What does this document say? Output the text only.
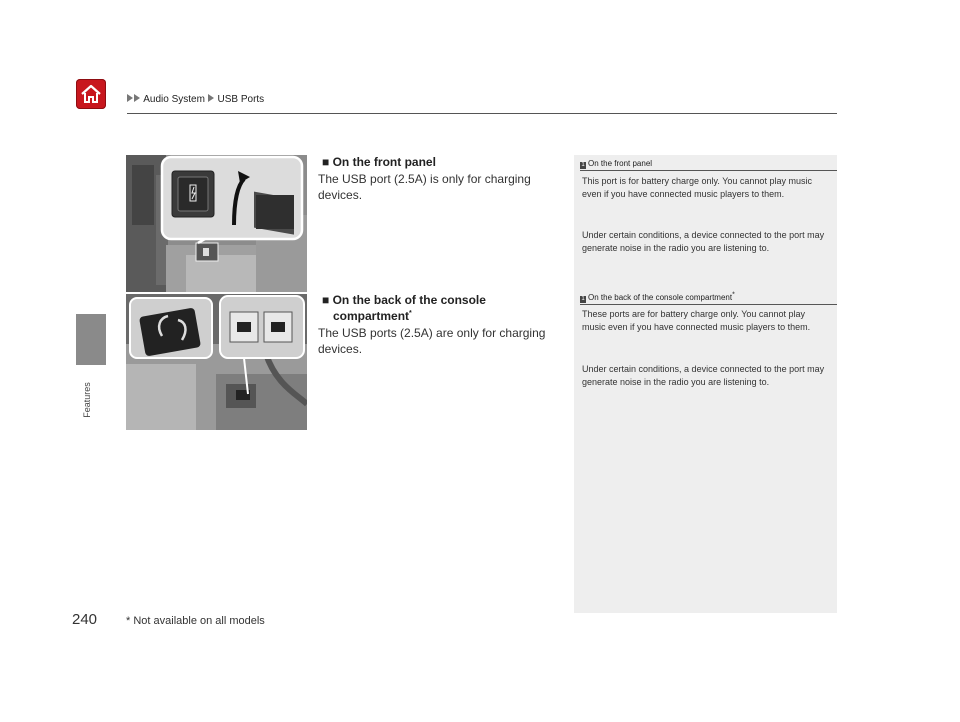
Audio System USB Ports
Features
240	* Not available on all models
■ On the front panel
The USB port (2.5A) is only for charging devices.
■ On the back of the console
compartment*
The USB ports (2.5A) are only for charging devices.
1 On the front panel
This port is for battery charge only. You cannot play music even if you have connected music players to them.
Under certain conditions, a device connected to the port may generate noise in the radio you are listening to.
1 On the back of the console compartment*
These ports are for battery charge only. You cannot play music even if you have connected music players to them.
Under certain conditions, a device connected to the port may generate noise in the radio you are listening to.
